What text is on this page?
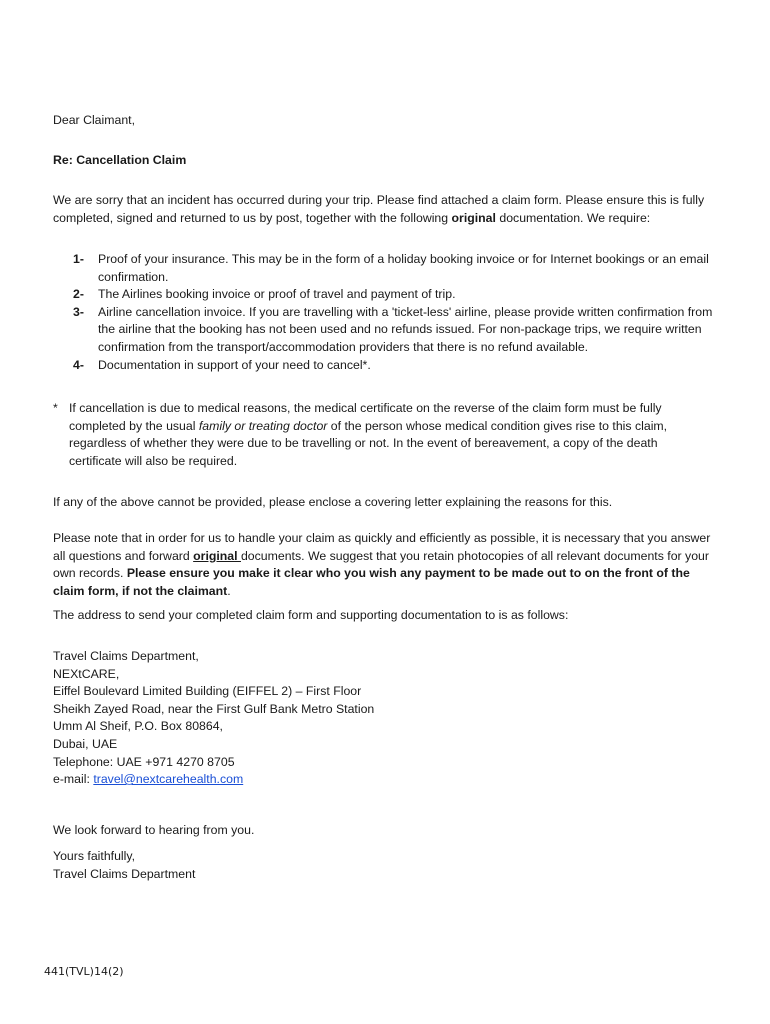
Dear Claimant,
Re: Cancellation Claim
We are sorry that an incident has occurred during your trip. Please find attached a claim form. Please ensure this is fully completed, signed and returned to us by post, together with the following original documentation. We require:
1-	Proof of your insurance. This may be in the form of a holiday booking invoice or for Internet bookings or an email confirmation.
2-	The Airlines booking invoice or proof of travel and payment of trip.
3-	Airline cancellation invoice. If you are travelling with a 'ticket-less' airline, please provide written confirmation from the airline that the booking has not been used and no refunds issued. For non-package trips, we require written confirmation from the transport/accommodation providers that there is no refund available.
4-	Documentation in support of your need to cancel*.
* If cancellation is due to medical reasons, the medical certificate on the reverse of the claim form must be fully completed by the usual family or treating doctor of the person whose medical condition gives rise to this claim, regardless of whether they were due to be travelling or not. In the event of bereavement, a copy of the death certificate will also be required.
If any of the above cannot be provided, please enclose a covering letter explaining the reasons for this.
Please note that in order for us to handle your claim as quickly and efficiently as possible, it is necessary that you answer all questions and forward original documents. We suggest that you retain photocopies of all relevant documents for your own records. Please ensure you make it clear who you wish any payment to be made out to on the front of the claim form, if not the claimant.
The address to send your completed claim form and supporting documentation to is as follows:
Travel Claims Department,
NEXtCARE,
Eiffel Boulevard Limited Building (EIFFEL 2) – First Floor
Sheikh Zayed Road, near the First Gulf Bank Metro Station
Umm Al Sheif, P.O. Box 80864,
Dubai, UAE
Telephone: UAE +971 4270 8705
e-mail: travel@nextcarehealth.com
We look forward to hearing from you.
Yours faithfully,
Travel Claims Department
441(TVL)14(2)
